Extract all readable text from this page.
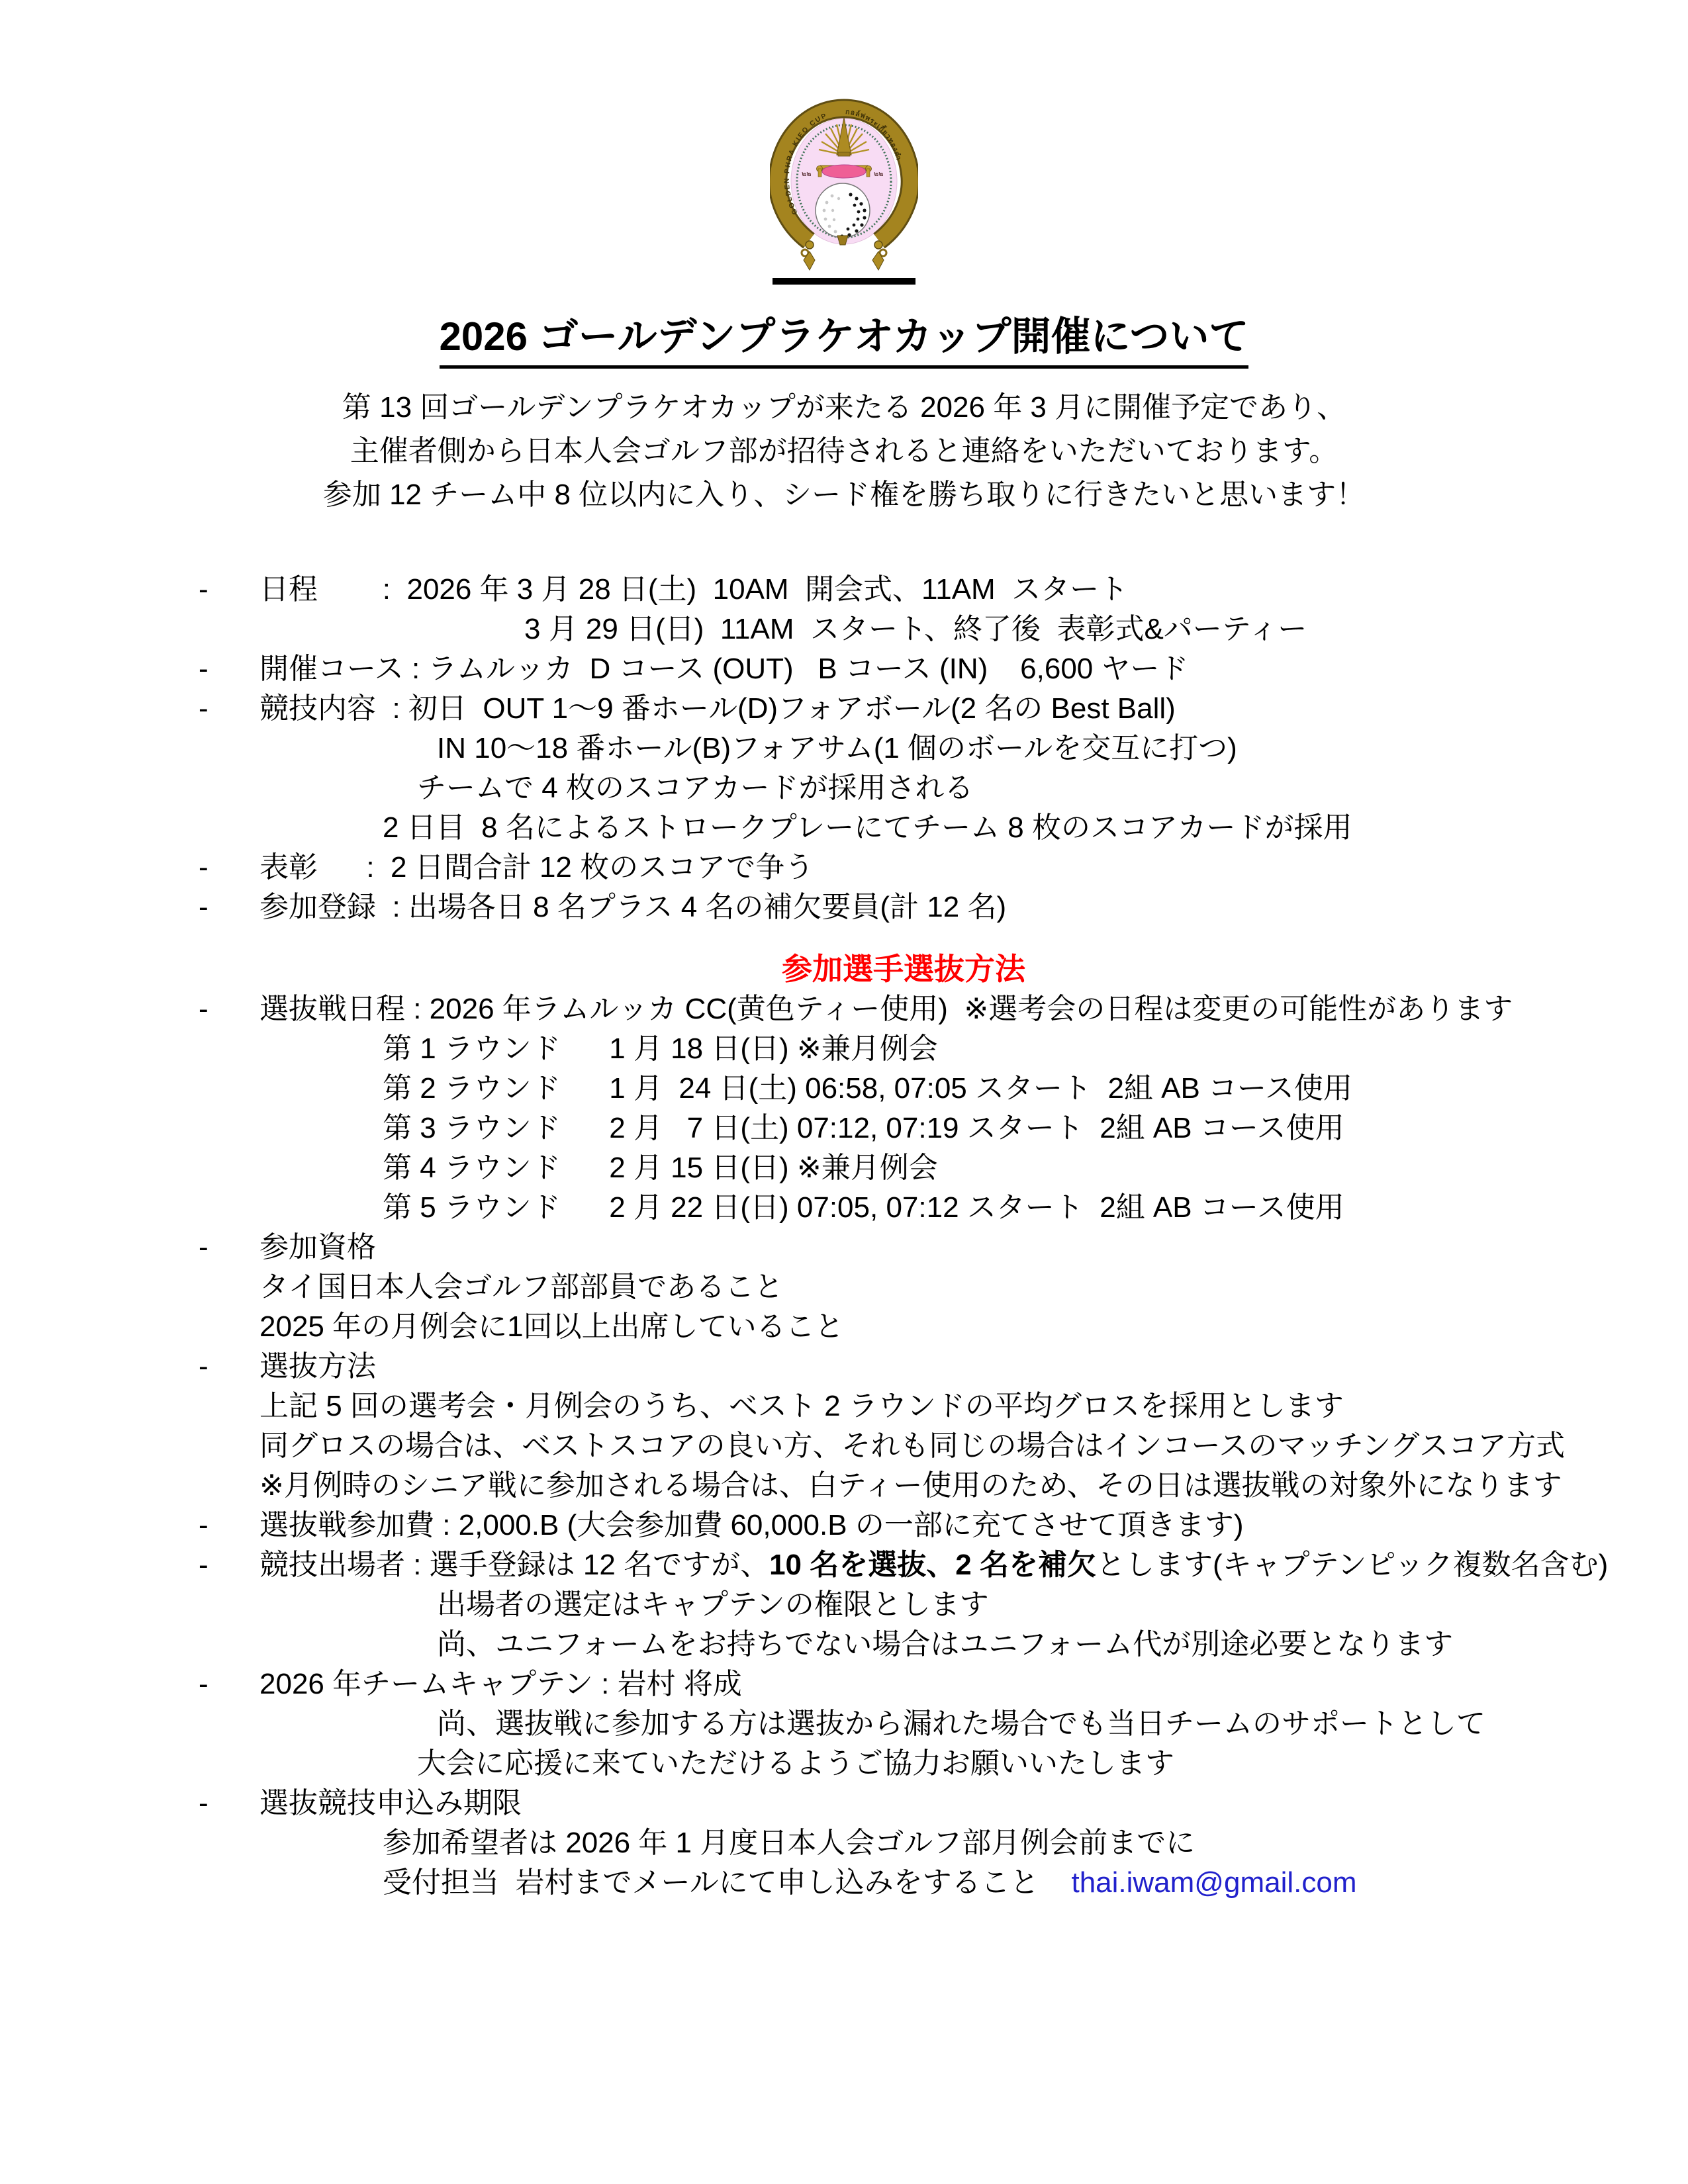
๒๒	๒๒
GOLDEN PHRA KIEO CUP กอล์ฟพระเกี้ยวทองคำ
2026 ゴールデンプラケオカップ開催について
第 13 回ゴールデンプラケオカップが来たる 2026 年 3 月に開催予定であり、
主催者側から日本人会ゴルフ部が招待されると連絡をいただいております。
参加 12 チーム中 8 位以内に入り、シード権を勝ち取りに行きたいと思います！
-	日程        :  2026 年 3 月 28 日(土)  10AM  開会式、11AM  スタート
3 月 29 日(日)  11AM  スタート、終了後  表彰式&パーティー
-	開催コース : ラムルッカ  D コース (OUT)   B コース (IN)    6,600 ヤード
-	競技内容  : 初日  OUT 1～9 番ホール(D)フォアボール(2 名の Best Ball)
IN 10～18 番ホール(B)フォアサム(1 個のボールを交互に打つ)
チームで 4 枚のスコアカードが採用される
2 日目  8 名によるストロークプレーにてチーム 8 枚のスコアカードが採用
-	表彰      :  2 日間合計 12 枚のスコアで争う
-	参加登録  : 出場各日 8 名プラス 4 名の補欠要員(計 12 名)
参加選手選抜方法
-	選抜戦日程 : 2026 年ラムルッカ CC(黄色ティー使用)  ※選考会の日程は変更の可能性があります
第 1 ラウンド      1 月 18 日(日) ※兼月例会
第 2 ラウンド      1 月  24 日(土) 06:58, 07:05 スタート  2組 AB コース使用
第 3 ラウンド      2 月   7 日(土) 07:12, 07:19 スタート  2組 AB コース使用
第 4 ラウンド      2 月 15 日(日) ※兼月例会
第 5 ラウンド      2 月 22 日(日) 07:05, 07:12 スタート  2組 AB コース使用
-	参加資格
タイ国日本人会ゴルフ部部員であること
2025 年の月例会に1回以上出席していること
-	選抜方法
上記 5 回の選考会・月例会のうち、ベスト 2 ラウンドの平均グロスを採用とします
同グロスの場合は、ベストスコアの良い方、それも同じの場合はインコースのマッチングスコア方式
※月例時のシニア戦に参加される場合は、白ティー使用のため、その日は選抜戦の対象外になります
-	選抜戦参加費 : 2,000.B (大会参加費 60,000.B の一部に充てさせて頂きます)
-	競技出場者 : 選手登録は 12 名ですが、10 名を選抜、2 名を補欠とします(キャプテンピック複数名含む)
出場者の選定はキャプテンの権限とします
尚、ユニフォームをお持ちでない場合はユニフォーム代が別途必要となります
-	2026 年チームキャプテン : 岩村 将成
尚、選抜戦に参加する方は選抜から漏れた場合でも当日チームのサポートとして
大会に応援に来ていただけるようご協力お願いいたします
-	選抜競技申込み期限
参加希望者は 2026 年 1 月度日本人会ゴルフ部月例会前までに
受付担当  岩村までメールにて申し込みをすること    thai.iwam@gmail.com
